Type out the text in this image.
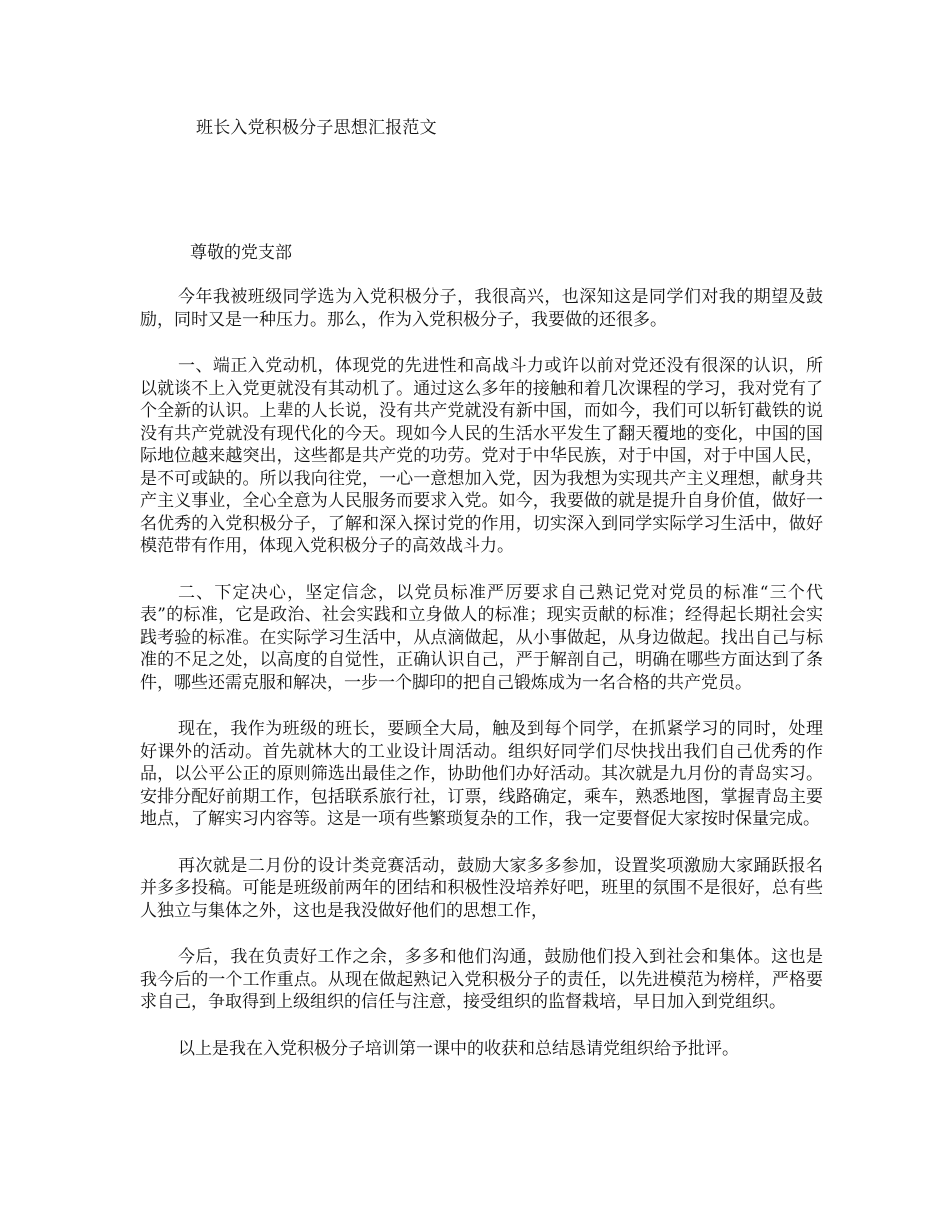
班长入党积极分子思想汇报范文
尊敬的党支部

今年我被班级同学选为入党积极分子，我很高兴，也深知这是同学们对我的期望及鼓励，同时又是一种压力。那么，作为入党积极分子，我要做的还很多。

一、端正入党动机，体现党的先进性和高战斗力或许以前对党还没有很深的认识，所以就谈不上入党更就没有其动机了。通过这么多年的接触和着几次课程的学习，我对党有了个全新的认识。上辈的人长说，没有共产党就没有新中国，而如今，我们可以斩钉截铁的说没有共产党就没有现代化的今天。现如今人民的生活水平发生了翻天覆地的变化，中国的国际地位越来越突出，这些都是共产党的功劳。党对于中华民族，对于中国，对于中国人民，是不可或缺的。所以我向往党，一心一意想加入党，因为我想为实现共产主义理想，献身共产主义事业，全心全意为人民服务而要求入党。如今，我要做的就是提升自身价值，做好一名优秀的入党积极分子，了解和深入探讨党的作用，切实深入到同学实际学习生活中，做好模范带有作用，体现入党积极分子的高效战斗力。

二、下定决心，坚定信念，以党员标准严厉要求自己熟记党对党员的标准“三个代表”的标准，它是政治、社会实践和立身做人的标准；现实贡献的标准；经得起长期社会实践考验的标准。在实际学习生活中，从点滴做起，从小事做起，从身边做起。找出自己与标准的不足之处，以高度的自觉性，正确认识自己，严于解剖自己，明确在哪些方面达到了条件，哪些还需克服和解决，一步一个脚印的把自己锻炼成为一名合格的共产党员。

现在，我作为班级的班长，要顾全大局，触及到每个同学，在抓紧学习的同时，处理好课外的活动。首先就林大的工业设计周活动。组织好同学们尽快找出我们自己优秀的作品，以公平公正的原则筛选出最佳之作，协助他们办好活动。其次就是九月份的青岛实习。安排分配好前期工作，包括联系旅行社，订票，线路确定，乘车，熟悉地图，掌握青岛主要地点，了解实习内容等。这是一项有些繁琐复杂的工作，我一定要督促大家按时保量完成。

再次就是二月份的设计类竞赛活动，鼓励大家多多参加，设置奖项激励大家踊跃报名并多多投稿。可能是班级前两年的团结和积极性没培养好吧，班里的氛围不是很好，总有些人独立与集体之外，这也是我没做好他们的思想工作，

今后，我在负责好工作之余，多多和他们沟通，鼓励他们投入到社会和集体。这也是我今后的一个工作重点。从现在做起熟记入党积极分子的责任，以先进模范为榜样，严格要求自己，争取得到上级组织的信任与注意，接受组织的监督栽培，早日加入到党组织。

以上是我在入党积极分子培训第一课中的收获和总结恳请党组织给予批评。
